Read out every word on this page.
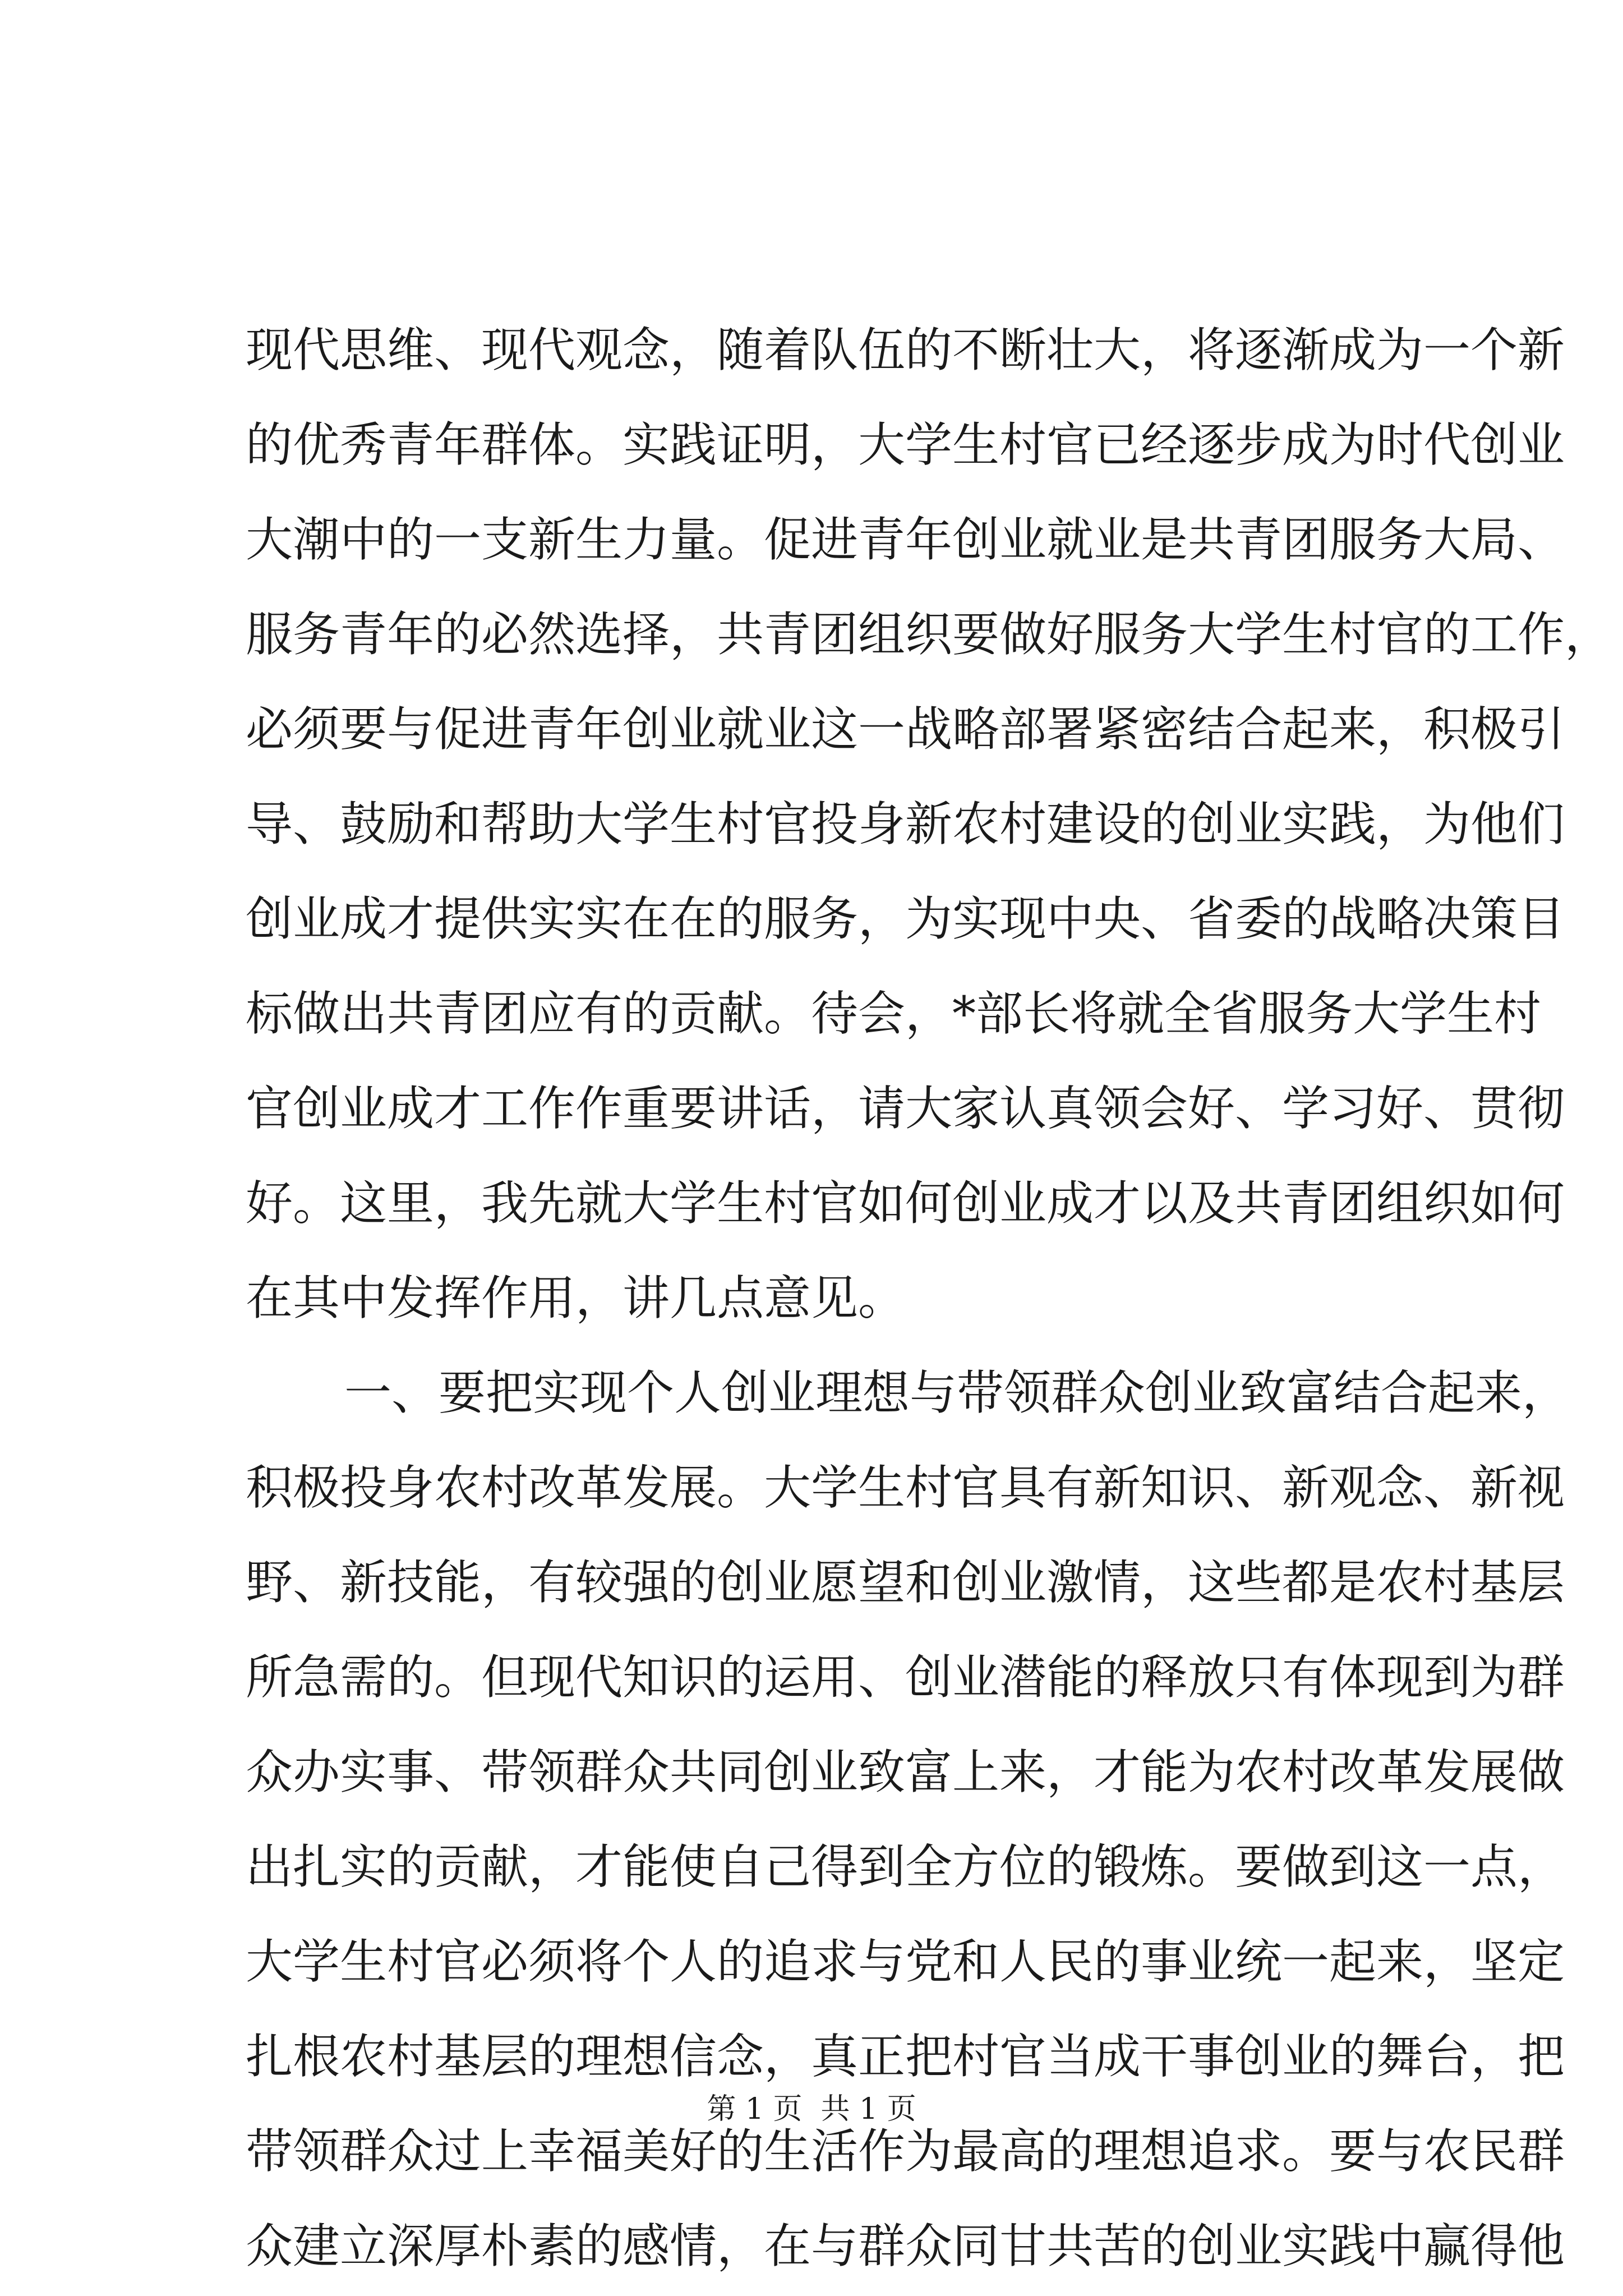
现代思维、现代观念，随着队伍的不断壮大，将逐渐成为一个新
的优秀青年群体。实践证明，大学生村官已经逐步成为时代创业
大潮中的一支新生力量。促进青年创业就业是共青团服务大局、
服务青年的必然选择，共青团组织要做好服务大学生村官的工作，
必须要与促进青年创业就业这一战略部署紧密结合起来，积极引
导、鼓励和帮助大学生村官投身新农村建设的创业实践，为他们
创业成才提供实实在在的服务，为实现中央、省委的战略决策目
标做出共青团应有的贡献。待会，*部长将就全省服务大学生村
官创业成才工作作重要讲话，请大家认真领会好、学习好、贯彻
好。这里，我先就大学生村官如何创业成才以及共青团组织如何
在其中发挥作用，讲几点意见。
一、要把实现个人创业理想与带领群众创业致富结合起来，
积极投身农村改革发展。大学生村官具有新知识、新观念、新视
野、新技能，有较强的创业愿望和创业激情，这些都是农村基层
所急需的。但现代知识的运用、创业潜能的释放只有体现到为群
众办实事、带领群众共同创业致富上来，才能为农村改革发展做
出扎实的贡献，才能使自己得到全方位的锻炼。要做到这一点，
大学生村官必须将个人的追求与党和人民的事业统一起来，坚定
扎根农村基层的理想信念，真正把村官当成干事创业的舞台，把
带领群众过上幸福美好的生活作为最高的理想追求。要与农民群
众建立深厚朴素的感情，在与群众同甘共苦的创业实践中赢得他
第 1 页  共 1 页
